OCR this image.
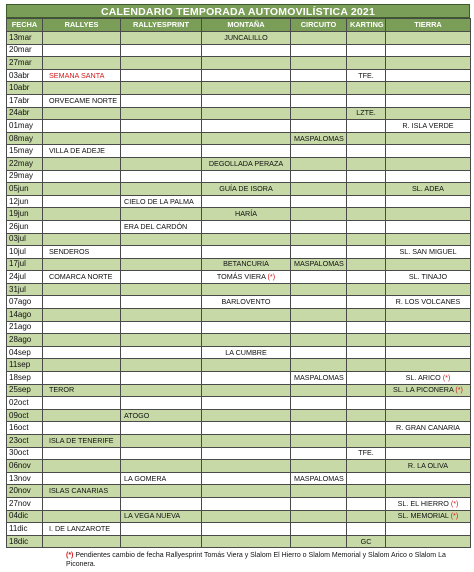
CALENDARIO TEMPORADA AUTOMOVILÍSTICA 2021
FECHA	RALLYES	RALLYESPRINT	MONTAÑA	CIRCUITO	KARTING	TIERRA
13mar			JUNCALILLO			
20mar						
27mar						
03abr	SEMANA SANTA				TFE.	
10abr						
17abr	ORVECAME NORTE					
24abr					LZTE.	
01may						R. ISLA VERDE
08may				MASPALOMAS		
15may	VILLA DE ADEJE					
22may			DEGOLLADA PERAZA			
29may						
05jun			GUÍA DE ISORA			SL. ADEA
12jun		CIELO DE LA PALMA				
19jun			HARÍA			
26jun		ERA DEL CARDÓN				
03jul						
10jul	SENDEROS					SL. SAN MIGUEL
17jul			BETANCURIA	MASPALOMAS		
24jul	COMARCA NORTE		TOMÁS VIERA (*)			SL. TINAJO
31jul						
07ago			BARLOVENTO			R. LOS VOLCANES
14ago						
21ago						
28ago						
04sep			LA CUMBRE			
11sep						
18sep				MASPALOMAS		SL. ARICO (*)
25sep	TEROR					SL. LA PICONERA (*)
02oct						
09oct		ATOGO				
16oct						R. GRAN CANARIA
23oct	ISLA DE TENERIFE					
30oct					TFE.	
06nov						R. LA OLIVA
13nov		LA GOMERA		MASPALOMAS		
20nov	ISLAS CANARIAS					
27nov						SL. EL HIERRO (*)
04dic		LA VEGA NUEVA				SL. MEMORIAL (*)
11dic	I. DE LANZAROTE					
18dic					GC	
(*) Pendientes cambio de fecha Rallyesprint Tomás Viera y Slalom El Hierro o Slalom Memorial y Slalom Arico o Slalom La Piconera.
